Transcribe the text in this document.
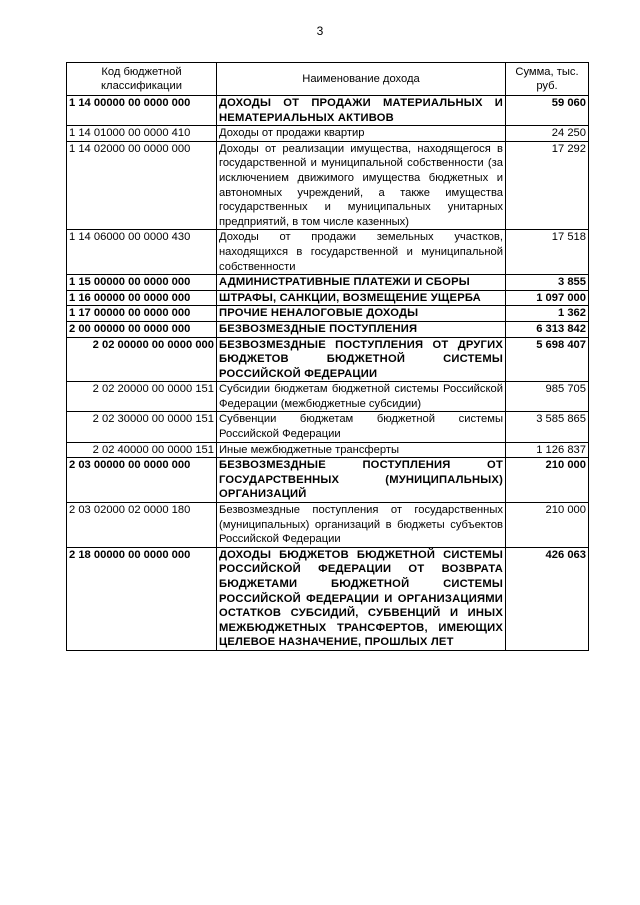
3
Код бюджетной классификации	Наименование дохода	Сумма, тыс. руб.
1 14 00000 00 0000 000	ДОХОДЫ ОТ ПРОДАЖИ МАТЕРИАЛЬНЫХ И НЕМАТЕРИАЛЬНЫХ АКТИВОВ	59 060
1 14 01000 00 0000 410	Доходы от продажи квартир	24 250
1 14 02000 00 0000 000	Доходы от реализации имущества, находящегося в государственной и муниципальной собственности (за исключением движимого имущества бюджетных и автономных учреждений, а также имущества государственных и муниципальных унитарных предприятий, в том числе казенных)	17 292
1 14 06000 00 0000 430	Доходы от продажи земельных участков, находящихся в государственной и муниципальной собственности	17 518
1 15 00000 00 0000 000	АДМИНИСТРАТИВНЫЕ ПЛАТЕЖИ И СБОРЫ	3 855
1 16 00000 00 0000 000	ШТРАФЫ, САНКЦИИ, ВОЗМЕЩЕНИЕ УЩЕРБА	1 097 000
1 17 00000 00 0000 000	ПРОЧИЕ НЕНАЛОГОВЫЕ ДОХОДЫ	1 362
2 00 00000 00 0000 000	БЕЗВОЗМЕЗДНЫЕ ПОСТУПЛЕНИЯ	6 313 842
2 02 00000 00 0000 000	БЕЗВОЗМЕЗДНЫЕ ПОСТУПЛЕНИЯ ОТ ДРУГИХ БЮДЖЕТОВ БЮДЖЕТНОЙ СИСТЕМЫ РОССИЙСКОЙ ФЕДЕРАЦИИ	5 698 407
2 02 20000 00 0000 151	Субсидии бюджетам бюджетной системы Российской Федерации (межбюджетные субсидии)	985 705
2 02 30000 00 0000 151	Субвенции бюджетам бюджетной системы Российской Федерации	3 585 865
2 02 40000 00 0000 151	Иные межбюджетные трансферты	1 126 837
2 03 00000 00 0000 000	БЕЗВОЗМЕЗДНЫЕ ПОСТУПЛЕНИЯ ОТ ГОСУДАРСТВЕННЫХ (МУНИЦИПАЛЬНЫХ) ОРГАНИЗАЦИЙ	210 000
2 03 02000 02 0000 180	Безвозмездные поступления от государственных (муниципальных) организаций в бюджеты субъектов Российской Федерации	210 000
2 18 00000 00 0000 000	ДОХОДЫ БЮДЖЕТОВ БЮДЖЕТНОЙ СИСТЕМЫ РОССИЙСКОЙ ФЕДЕРАЦИИ ОТ ВОЗВРАТА БЮДЖЕТАМИ БЮДЖЕТНОЙ СИСТЕМЫ РОССИЙСКОЙ ФЕДЕРАЦИИ И ОРГАНИЗАЦИЯМИ ОСТАТКОВ СУБСИДИЙ, СУБВЕНЦИЙ И ИНЫХ МЕЖБЮДЖЕТНЫХ ТРАНСФЕРТОВ, ИМЕЮЩИХ ЦЕЛЕВОЕ НАЗНАЧЕНИЕ, ПРОШЛЫХ ЛЕТ	426 063
